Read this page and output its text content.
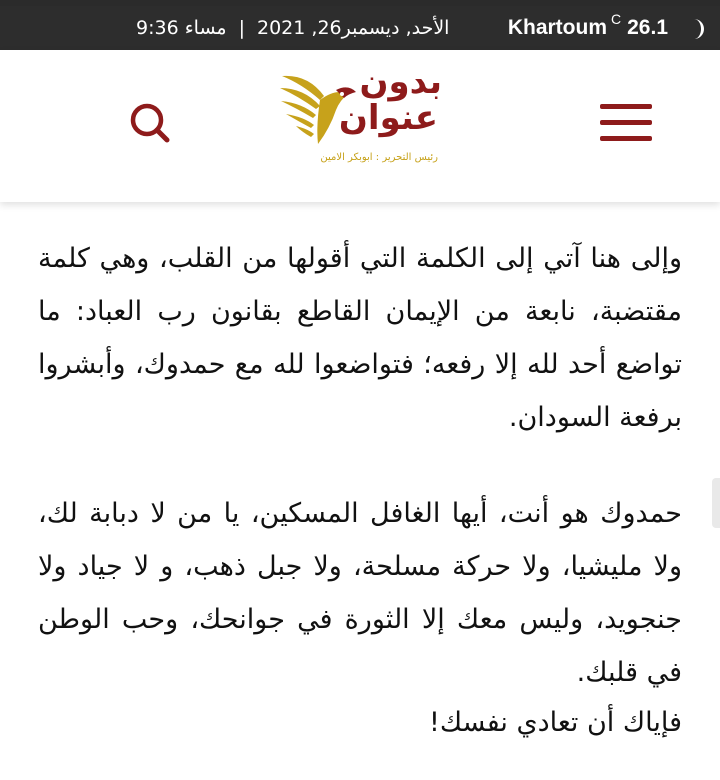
9:36 مساء | الأحد, ديسمبر26, 2021	Khartoum C 26.1
بدون
عنوان
رئيس التحرير : ابوبكر الامين

وإلى هنا آتي إلى الكلمة التي أقولها من القلب، وهي كلمة مقتضبة، نابعة من الإيمان القاطع بقانون رب العباد: ما تواضع أحد لله إلا رفعه؛ فتواضعوا لله مع حمدوك، وأبشروا برفعة السودان.

حمدوك هو أنت، أيها الغافل المسكين، يا من لا دبابة لك، ولا مليشيا، ولا حركة مسلحة، ولا جبل ذهب، و لا جياد ولا جنجويد، وليس معك إلا الثورة في جوانحك، وحب الوطن في قلبك.

فإياك أن تعادي نفسك!
